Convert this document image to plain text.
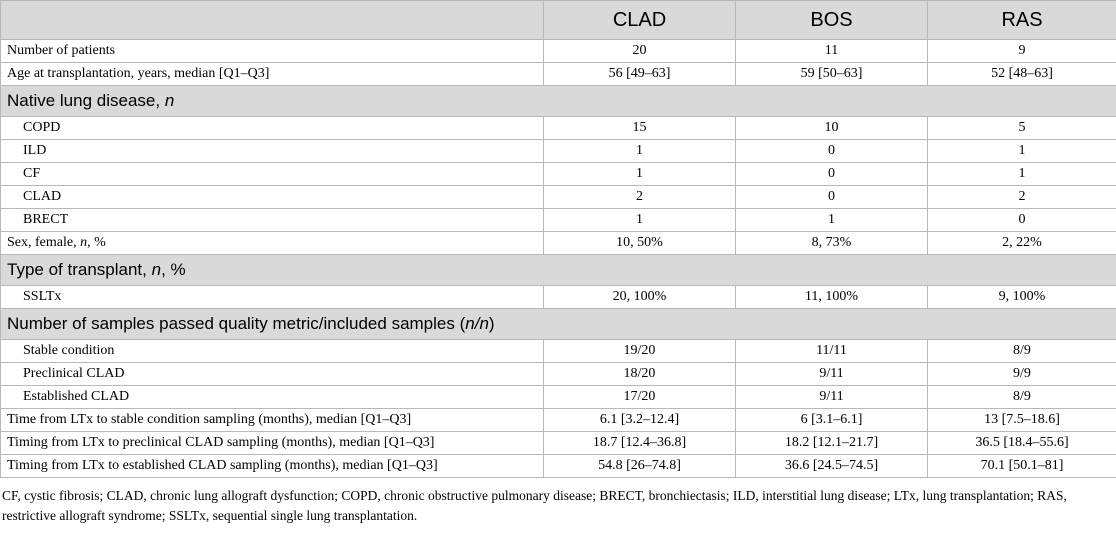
	CLAD	BOS	RAS
Number of patients	20	11	9
Age at transplantation, years, median [Q1–Q3]	56 [49–63]	59 [50–63]	52 [48–63]
Native lung disease, n			
COPD	15	10	5
ILD	1	0	1
CF	1	0	1
CLAD	2	0	2
BRECT	1	1	0
Sex, female, n, %	10, 50%	8, 73%	2, 22%
Type of transplant, n, %			
SSLTx	20, 100%	11, 100%	9, 100%
Number of samples passed quality metric/included samples (n/n)			
Stable condition	19/20	11/11	8/9
Preclinical CLAD	18/20	9/11	9/9
Established CLAD	17/20	9/11	8/9
Time from LTx to stable condition sampling (months), median [Q1–Q3]	6.1 [3.2–12.4]	6 [3.1–6.1]	13 [7.5–18.6]
Timing from LTx to preclinical CLAD sampling (months), median [Q1–Q3]	18.7 [12.4–36.8]	18.2 [12.1–21.7]	36.5 [18.4–55.6]
Timing from LTx to established CLAD sampling (months), median [Q1–Q3]	54.8 [26–74.8]	36.6 [24.5–74.5]	70.1 [50.1–81]
CF, cystic fibrosis; CLAD, chronic lung allograft dysfunction; COPD, chronic obstructive pulmonary disease; BRECT, bronchiectasis; ILD, interstitial lung disease; LTx, lung transplantation; RAS, restrictive allograft syndrome; SSLTx, sequential single lung transplantation.
